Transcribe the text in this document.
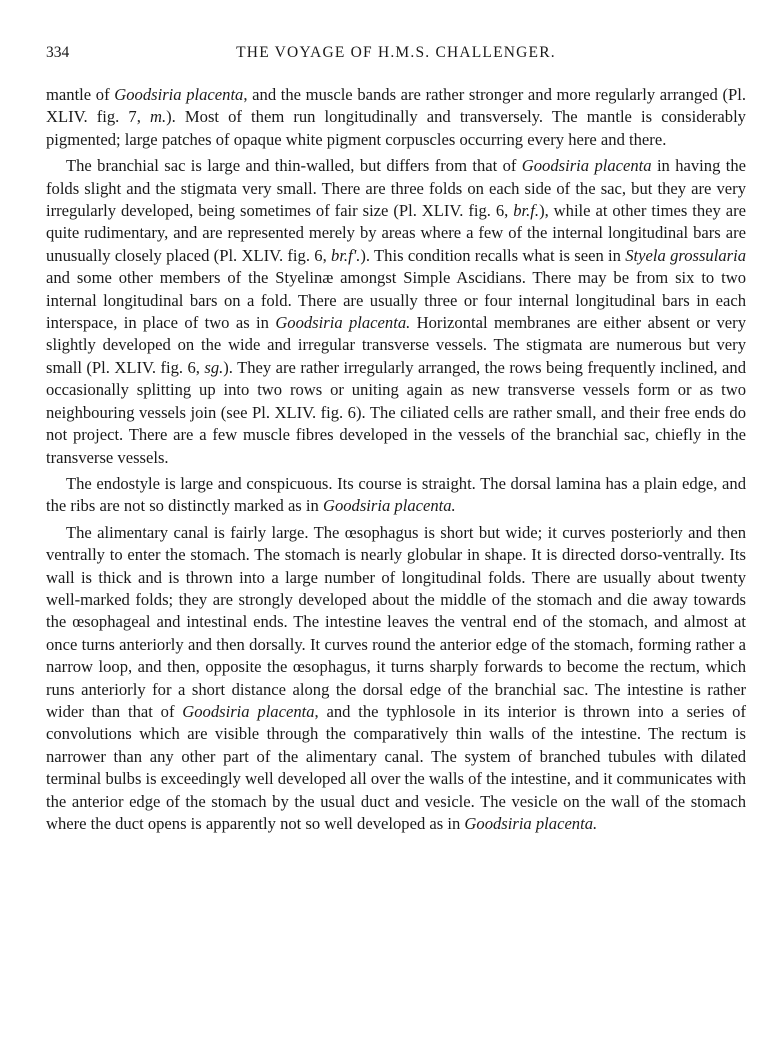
334	THE VOYAGE OF H.M.S. CHALLENGER.

mantle of Goodsiria placenta, and the muscle bands are rather stronger and more regularly arranged (Pl. XLIV. fig. 7, m.). Most of them run longitudinally and transversely. The mantle is considerably pigmented; large patches of opaque white pigment corpuscles occurring every here and there.

The branchial sac is large and thin-walled, but differs from that of Goodsiria placenta in having the folds slight and the stigmata very small. There are three folds on each side of the sac, but they are very irregularly developed, being sometimes of fair size (Pl. XLIV. fig. 6, br.f.), while at other times they are quite rudimentary, and are represented merely by areas where a few of the internal longitudinal bars are unusually closely placed (Pl. XLIV. fig. 6, br.f'.). This condition recalls what is seen in Styela grossularia and some other members of the Styelinæ amongst Simple Ascidians. There may be from six to two internal longitudinal bars on a fold. There are usually three or four internal longitudinal bars in each interspace, in place of two as in Goodsiria placenta. Horizontal membranes are either absent or very slightly developed on the wide and irregular transverse vessels. The stigmata are numerous but very small (Pl. XLIV. fig. 6, sg.). They are rather irregularly arranged, the rows being frequently inclined, and occasionally splitting up into two rows or uniting again as new transverse vessels form or as two neighbouring vessels join (see Pl. XLIV. fig. 6). The ciliated cells are rather small, and their free ends do not project. There are a few muscle fibres developed in the vessels of the branchial sac, chiefly in the transverse vessels.

The endostyle is large and conspicuous. Its course is straight. The dorsal lamina has a plain edge, and the ribs are not so distinctly marked as in Goodsiria placenta.

The alimentary canal is fairly large. The œsophagus is short but wide; it curves posteriorly and then ventrally to enter the stomach. The stomach is nearly globular in shape. It is directed dorso-ventrally. Its wall is thick and is thrown into a large number of longitudinal folds. There are usually about twenty well-marked folds; they are strongly developed about the middle of the stomach and die away towards the œsophageal and intestinal ends. The intestine leaves the ventral end of the stomach, and almost at once turns anteriorly and then dorsally. It curves round the anterior edge of the stomach, forming rather a narrow loop, and then, opposite the œsophagus, it turns sharply forwards to become the rectum, which runs anteriorly for a short distance along the dorsal edge of the branchial sac. The intestine is rather wider than that of Goodsiria placenta, and the typhlosole in its interior is thrown into a series of convolutions which are visible through the comparatively thin walls of the intestine. The rectum is narrower than any other part of the alimentary canal. The system of branched tubules with dilated terminal bulbs is exceedingly well developed all over the walls of the intestine, and it communicates with the anterior edge of the stomach by the usual duct and vesicle. The vesicle on the wall of the stomach where the duct opens is apparently not so well developed as in Goodsiria placenta.
